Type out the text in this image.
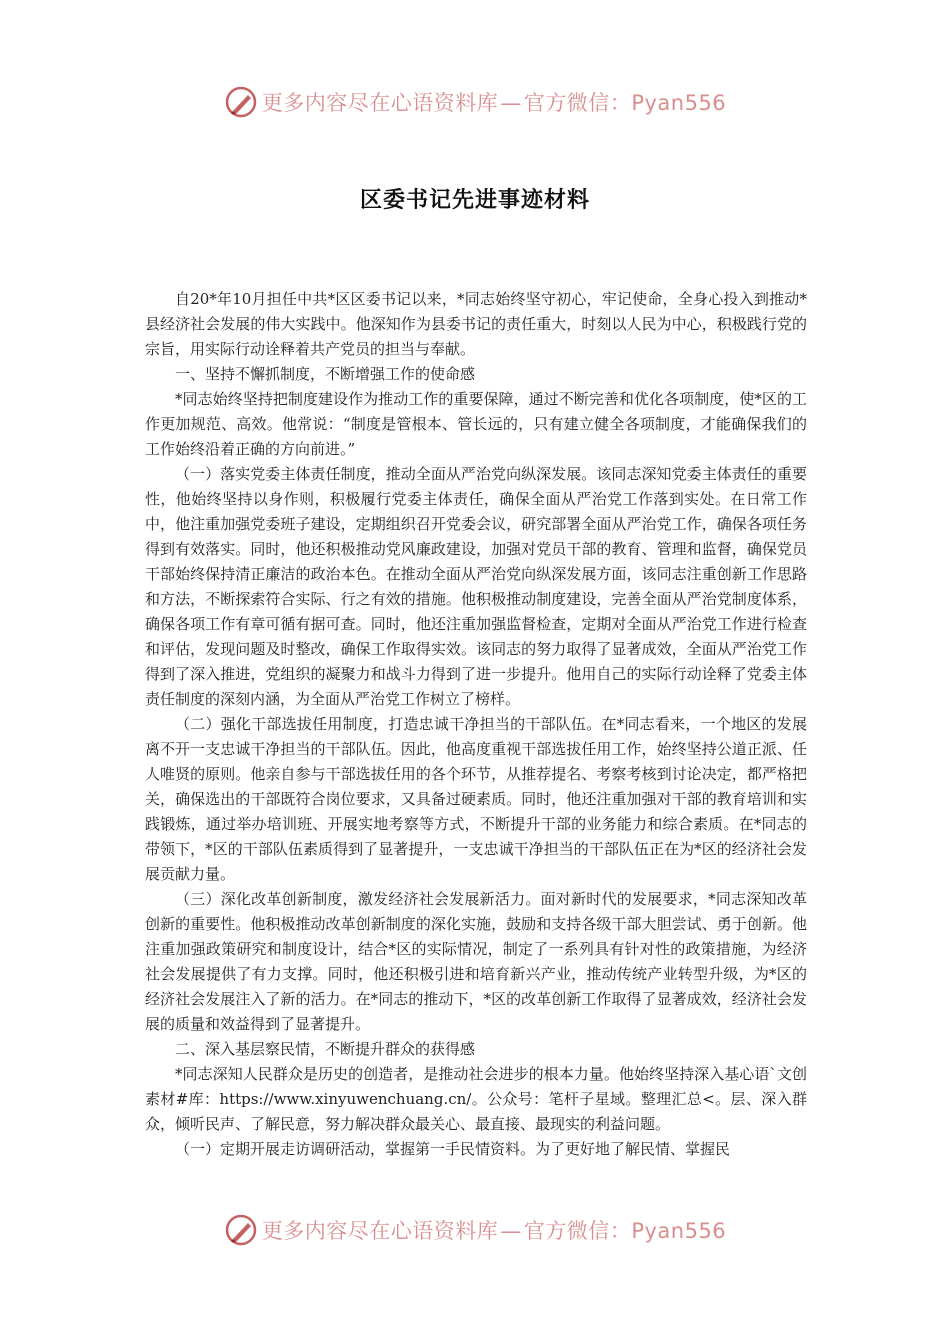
更多内容尽在心语资料库—官方微信：Pyan556
区委书记先进事迹材料

自20*年10月担任中共*区区委书记以来，*同志始终坚守初心，牢记使命，全身心投入到推动*县经济社会发展的伟大实践中。他深知作为县委书记的责任重大，时刻以人民为中心，积极践行党的宗旨，用实际行动诠释着共产党员的担当与奉献。

一、坚持不懈抓制度，不断增强工作的使命感

*同志始终坚持把制度建设作为推动工作的重要保障，通过不断完善和优化各项制度，使*区的工作更加规范、高效。他常说：“制度是管根本、管长远的，只有建立健全各项制度，才能确保我们的工作始终沿着正确的方向前进。”

（一）落实党委主体责任制度，推动全面从严治党向纵深发展。该同志深知党委主体责任的重要性，他始终坚持以身作则，积极履行党委主体责任，确保全面从严治党工作落到实处。在日常工作中，他注重加强党委班子建设，定期组织召开党委会议，研究部署全面从严治党工作，确保各项任务得到有效落实。同时，他还积极推动党风廉政建设，加强对党员干部的教育、管理和监督，确保党员干部始终保持清正廉洁的政治本色。在推动全面从严治党向纵深发展方面，该同志注重创新工作思路和方法，不断探索符合实际、行之有效的措施。他积极推动制度建设，完善全面从严治党制度体系，确保各项工作有章可循有据可查。同时，他还注重加强监督检查，定期对全面从严治党工作进行检查和评估，发现问题及时整改，确保工作取得实效。该同志的努力取得了显著成效，全面从严治党工作得到了深入推进，党组织的凝聚力和战斗力得到了进一步提升。他用自己的实际行动诠释了党委主体责任制度的深刻内涵，为全面从严治党工作树立了榜样。

（二）强化干部选拔任用制度，打造忠诚干净担当的干部队伍。在*同志看来，一个地区的发展离不开一支忠诚干净担当的干部队伍。因此，他高度重视干部选拔任用工作，始终坚持公道正派、任人唯贤的原则。他亲自参与干部选拔任用的各个环节，从推荐提名、考察考核到讨论决定，都严格把关，确保选出的干部既符合岗位要求，又具备过硬素质。同时，他还注重加强对干部的教育培训和实践锻炼，通过举办培训班、开展实地考察等方式，不断提升干部的业务能力和综合素质。在*同志的带领下，*区的干部队伍素质得到了显著提升，一支忠诚干净担当的干部队伍正在为*区的经济社会发展贡献力量。

（三）深化改革创新制度，激发经济社会发展新活力。面对新时代的发展要求，*同志深知改革创新的重要性。他积极推动改革创新制度的深化实施，鼓励和支持各级干部大胆尝试、勇于创新。他注重加强政策研究和制度设计，结合*区的实际情况，制定了一系列具有针对性的政策措施，为经济社会发展提供了有力支撑。同时，他还积极引进和培育新兴产业，推动传统产业转型升级，为*区的经济社会发展注入了新的活力。在*同志的推动下，*区的改革创新工作取得了显著成效，经济社会发展的质量和效益得到了显著提升。

二、深入基层察民情，不断提升群众的获得感

*同志深知人民群众是历史的创造者，是推动社会进步的根本力量。他始终坚持深入基心语`文创素材#库：https://www.xinyuwenchuang.cn/。公众号：笔杆子星域。整理汇总<。层、深入群众，倾听民声、了解民意，努力解决群众最关心、最直接、最现实的利益问题。

（一）定期开展走访调研活动，掌握第一手民情资料。为了更好地了解民情、掌握民

更多内容尽在心语资料库—官方微信：Pyan556
